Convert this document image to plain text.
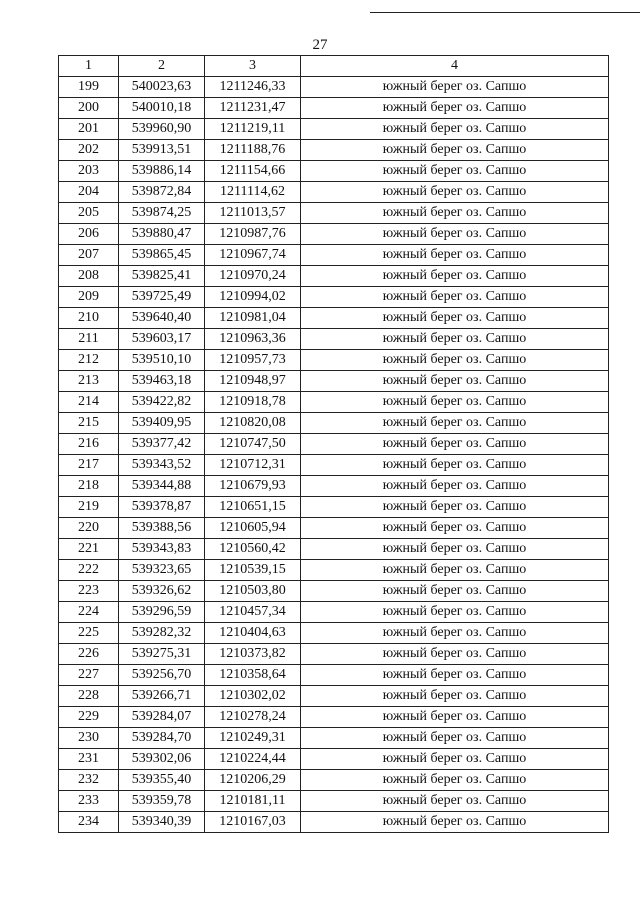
27
1	2	3	4
199	540023,63	1211246,33	южный берег оз. Сапшо
200	540010,18	1211231,47	южный берег оз. Сапшо
201	539960,90	1211219,11	южный берег оз. Сапшо
202	539913,51	1211188,76	южный берег оз. Сапшо
203	539886,14	1211154,66	южный берег оз. Сапшо
204	539872,84	1211114,62	южный берег оз. Сапшо
205	539874,25	1211013,57	южный берег оз. Сапшо
206	539880,47	1210987,76	южный берег оз. Сапшо
207	539865,45	1210967,74	южный берег оз. Сапшо
208	539825,41	1210970,24	южный берег оз. Сапшо
209	539725,49	1210994,02	южный берег оз. Сапшо
210	539640,40	1210981,04	южный берег оз. Сапшо
211	539603,17	1210963,36	южный берег оз. Сапшо
212	539510,10	1210957,73	южный берег оз. Сапшо
213	539463,18	1210948,97	южный берег оз. Сапшо
214	539422,82	1210918,78	южный берег оз. Сапшо
215	539409,95	1210820,08	южный берег оз. Сапшо
216	539377,42	1210747,50	южный берег оз. Сапшо
217	539343,52	1210712,31	южный берег оз. Сапшо
218	539344,88	1210679,93	южный берег оз. Сапшо
219	539378,87	1210651,15	южный берег оз. Сапшо
220	539388,56	1210605,94	южный берег оз. Сапшо
221	539343,83	1210560,42	южный берег оз. Сапшо
222	539323,65	1210539,15	южный берег оз. Сапшо
223	539326,62	1210503,80	южный берег оз. Сапшо
224	539296,59	1210457,34	южный берег оз. Сапшо
225	539282,32	1210404,63	южный берег оз. Сапшо
226	539275,31	1210373,82	южный берег оз. Сапшо
227	539256,70	1210358,64	южный берег оз. Сапшо
228	539266,71	1210302,02	южный берег оз. Сапшо
229	539284,07	1210278,24	южный берег оз. Сапшо
230	539284,70	1210249,31	южный берег оз. Сапшо
231	539302,06	1210224,44	южный берег оз. Сапшо
232	539355,40	1210206,29	южный берег оз. Сапшо
233	539359,78	1210181,11	южный берег оз. Сапшо
234	539340,39	1210167,03	южный берег оз. Сапшо
